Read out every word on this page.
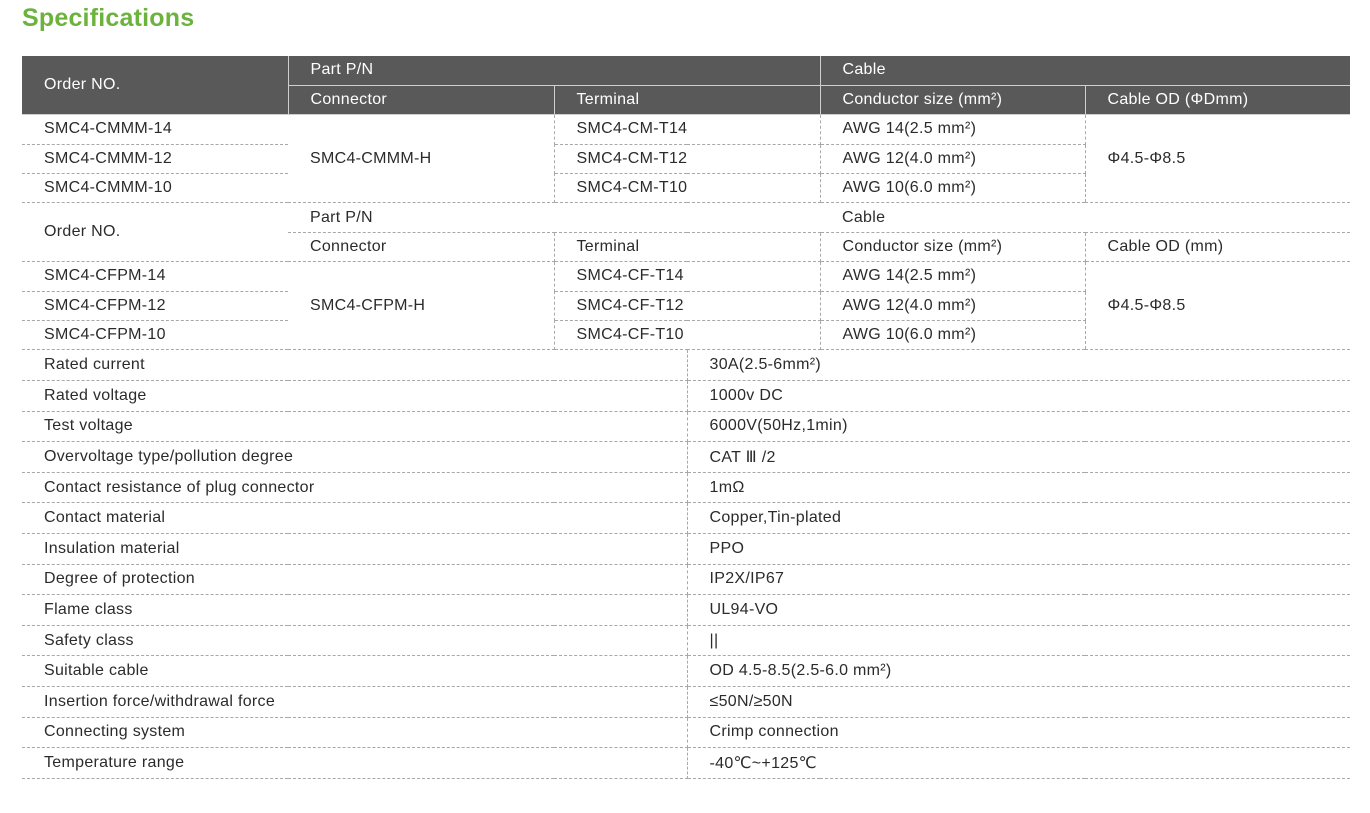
Specifications
Order NO.	Part P/N			Cable	
	Connector	Terminal		Conductor size (mm²)	Cable OD (ΦDmm)
SMC4-CMMM-14	SMC4-CMMM-H	SMC4-CM-T14		AWG 14(2.5 mm²)	Φ4.5-Φ8.5
SMC4-CMMM-12		SMC4-CM-T12		AWG 12(4.0 mm²)	
SMC4-CMMM-10		SMC4-CM-T10		AWG 10(6.0 mm²)	
Order NO.	Part P/N			Cable	
	Connector	Terminal		Conductor size (mm²)	Cable OD (mm)
SMC4-CFPM-14	SMC4-CFPM-H	SMC4-CF-T14		AWG 14(2.5 mm²)	Φ4.5-Φ8.5
SMC4-CFPM-12		SMC4-CF-T12		AWG 12(4.0 mm²)	
SMC4-CFPM-10		SMC4-CF-T10		AWG 10(6.0 mm²)	
Rated current			30A(2.5-6mm²)		
Rated voltage			1000v DC		
Test voltage			6000V(50Hz,1min)		
Overvoltage type/pollution degree			CAT Ⅲ /2		
Contact resistance of plug connector			1mΩ		
Contact material			Copper,Tin-plated		
Insulation material			PPO		
Degree of protection			IP2X/IP67		
Flame class			UL94-VO		
Safety class			||		
Suitable cable			OD 4.5-8.5(2.5-6.0 mm²)		
Insertion force/withdrawal force			≤50N/≥50N		
Connecting system			Crimp connection		
Temperature range			-40℃~+125℃		
